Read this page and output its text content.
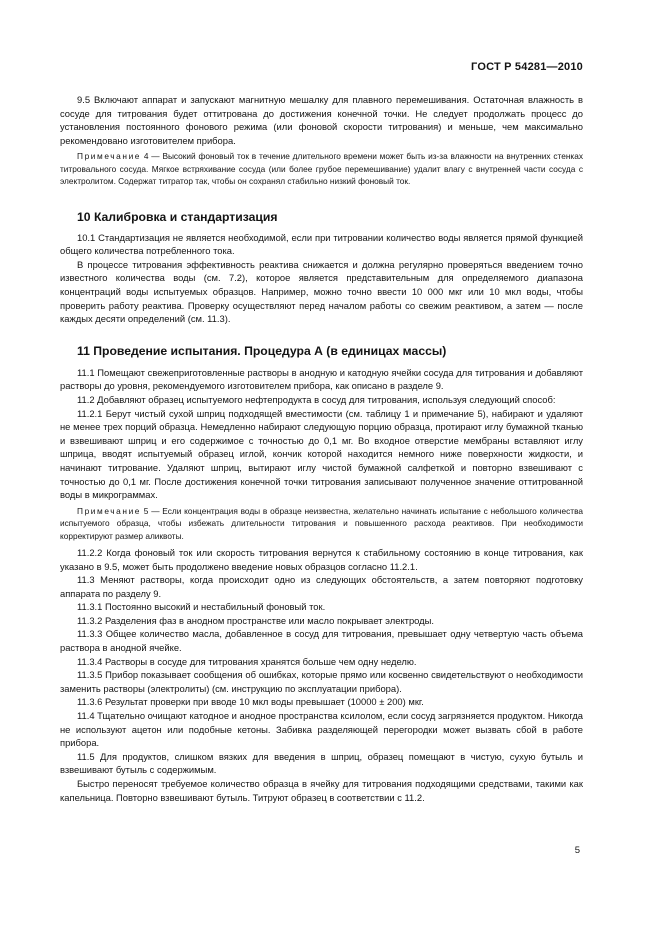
ГОСТ Р 54281—2010

9.5 Включают аппарат и запускают магнитную мешалку для плавного перемешивания. Остаточная влажность в сосуде для титрования будет оттитрована до достижения конечной точки. Не следует продолжать процесс до установления постоянного фонового режима (или фоновой скорости титрования) и меньше, чем максимально рекомендовано изготовителем прибора.

Примечание 4 — Высокий фоновый ток в течение длительного времени может быть из-за влажности на внутренних стенках титровального сосуда. Мягкое встряхивание сосуда (или более грубое перемешивание) удалит влагу с внутренней части сосуда с электролитом. Содержат титратор так, чтобы он сохранял стабильно низкий фоновый ток.

10 Калибровка и стандартизация

10.1 Стандартизация не является необходимой, если при титровании количество воды является прямой функцией общего количества потребленного тока.

В процессе титрования эффективность реактива снижается и должна регулярно проверяться введением точно известного количества воды (см. 7.2), которое является представительным для определяемого диапазона концентраций воды испытуемых образцов. Например, можно точно ввести 10 000 мкг или 10 мкл воды, чтобы проверить работу реактива. Проверку осуществляют перед началом работы со свежим реактивом, а затем — после каждых десяти определений (см. 11.3).

11 Проведение испытания. Процедура А (в единицах массы)

11.1 Помещают свежеприготовленные растворы в анодную и катодную ячейки сосуда для титрования и добавляют растворы до уровня, рекомендуемого изготовителем прибора, как описано в разделе 9.

11.2 Добавляют образец испытуемого нефтепродукта в сосуд для титрования, используя следующий способ:

11.2.1 Берут чистый сухой шприц подходящей вместимости (см. таблицу 1 и примечание 5), набирают и удаляют не менее трех порций образца. Немедленно набирают следующую порцию образца, протирают иглу бумажной тканью и взвешивают шприц и его содержимое с точностью до 0,1 мг. Во входное отверстие мембраны вставляют иглу шприца, вводят испытуемый образец иглой, кончик которой находится немного ниже поверхности жидкости, и начинают титрование. Удаляют шприц, вытирают иглу чистой бумажной салфеткой и повторно взвешивают с точностью до 0,1 мг. После достижения конечной точки титрования записывают полученное значение оттитрованной воды в микрограммах.

Примечание 5 — Если концентрация воды в образце неизвестна, желательно начинать испытание с небольшого количества испытуемого образца, чтобы избежать длительности титрования и повышенного расхода реактивов. При необходимости корректируют размер аликвоты.

11.2.2 Когда фоновый ток или скорость титрования вернутся к стабильному состоянию в конце титрования, как указано в 9.5, может быть продолжено введение новых образцов согласно 11.2.1.

11.3 Меняют растворы, когда происходит одно из следующих обстоятельств, а затем повторяют подготовку аппарата по разделу 9.

11.3.1 Постоянно высокий и нестабильный фоновый ток.

11.3.2 Разделения фаз в анодном пространстве или масло покрывает электроды.

11.3.3 Общее количество масла, добавленное в сосуд для титрования, превышает одну четвертую часть объема раствора в анодной ячейке.

11.3.4 Растворы в сосуде для титрования хранятся больше чем одну неделю.

11.3.5 Прибор показывает сообщения об ошибках, которые прямо или косвенно свидетельствуют о необходимости заменить растворы (электролиты) (см. инструкцию по эксплуатации прибора).

11.3.6 Результат проверки при вводе 10 мкл воды превышает (10000 ± 200) мкг.

11.4 Тщательно очищают катодное и анодное пространства ксилолом, если сосуд загрязняется продуктом. Никогда не используют ацетон или подобные кетоны. Забивка разделяющей перегородки может вызвать сбой в работе прибора.

11.5 Для продуктов, слишком вязких для введения в шприц, образец помещают в чистую, сухую бутыль и взвешивают бутыль с содержимым.

Быстро переносят требуемое количество образца в ячейку для титрования подходящими средствами, такими как капельница. Повторно взвешивают бутыль. Титруют образец в соответствии с 11.2.

5
